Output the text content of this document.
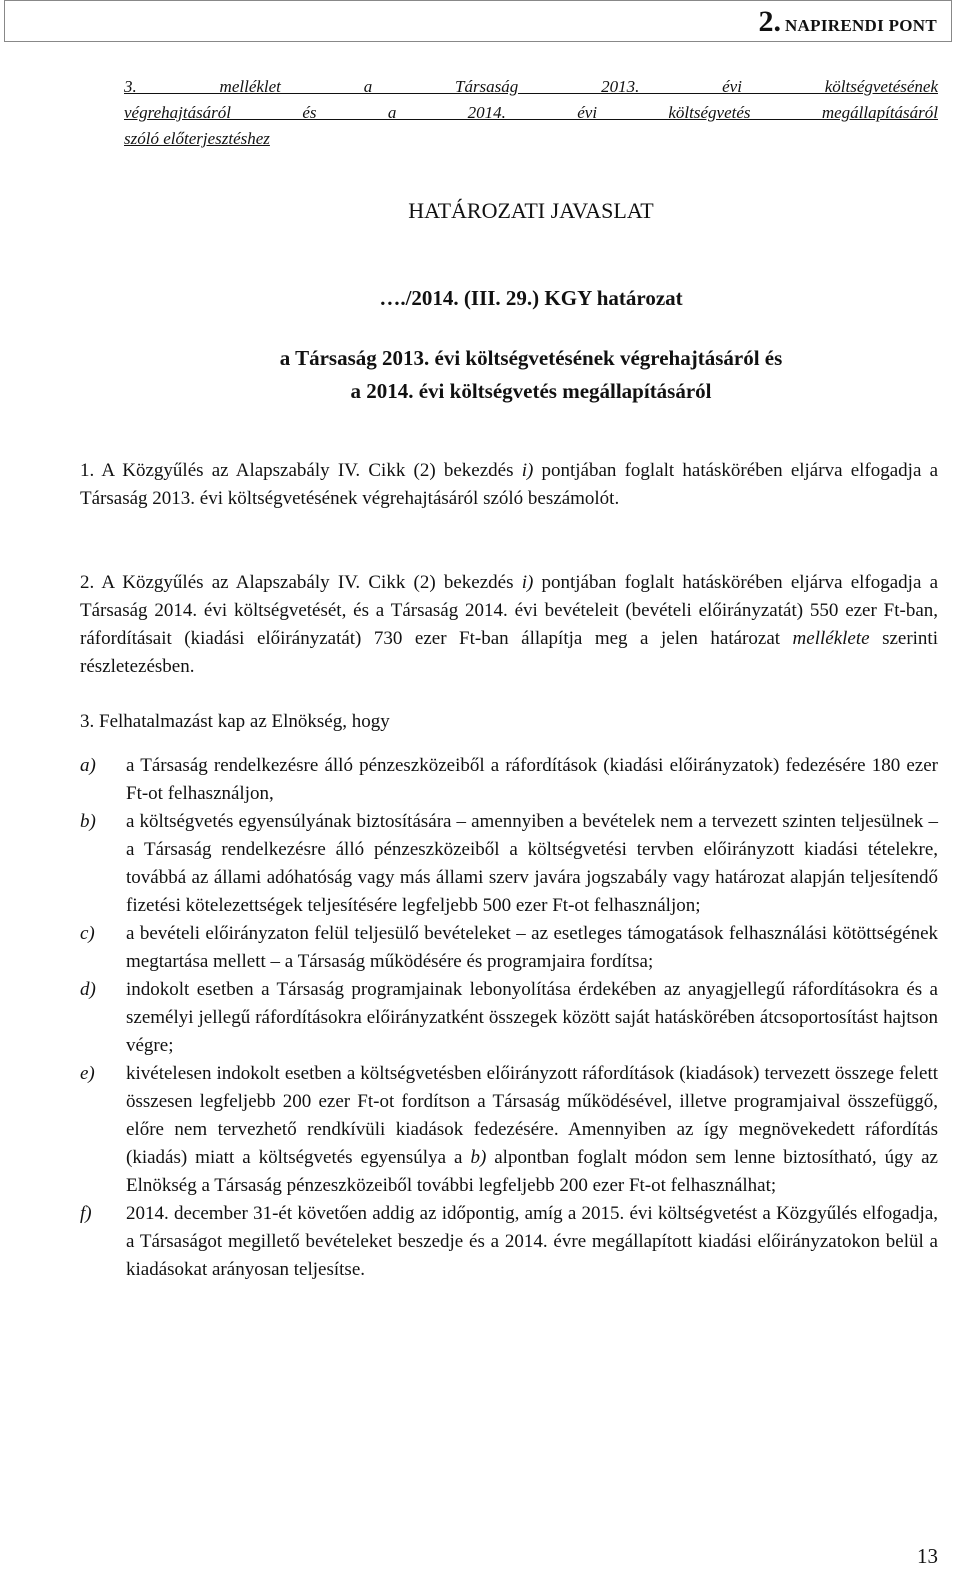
2. NAPIRENDI PONT
3. melléklet a Társaság 2013. évi költségvetésének
végrehajtásáról és a 2014. évi költségvetés megállapításáról
szóló előterjesztéshez
HATÁROZATI JAVASLAT
…./2014. (III. 29.) KGY határozat
a Társaság 2013. évi költségvetésének végrehajtásáról és
a 2014. évi költségvetés megállapításáról
1. A Közgyűlés az Alapszabály IV. Cikk (2) bekezdés i) pontjában foglalt hatáskörében eljárva elfogadja a Társaság 2013. évi költségvetésének végrehajtásáról szóló beszámolót.
2. A Közgyűlés az Alapszabály IV. Cikk (2) bekezdés i) pontjában foglalt hatáskörében eljárva elfogadja a Társaság 2014. évi költségvetését, és a Társaság 2014. évi bevételeit (bevételi előirányzatát) 550 ezer Ft-ban, ráfordításait (kiadási előirányzatát) 730 ezer Ft-ban állapítja meg a jelen határozat melléklete szerinti részletezésben.
3. Felhatalmazást kap az Elnökség, hogy
a) a Társaság rendelkezésre álló pénzeszközeiből a ráfordítások (kiadási előirányzatok) fedezésére 180 ezer Ft-ot felhasználjon,
b) a költségvetés egyensúlyának biztosítására – amennyiben a bevételek nem a tervezett szinten teljesülnek – a Társaság rendelkezésre álló pénzeszközeiből a költségvetési tervben előirányzott kiadási tételekre, továbbá az állami adóhatóság vagy más állami szerv javára jogszabály vagy határozat alapján teljesítendő fizetési kötelezettségek teljesítésére legfeljebb 500 ezer Ft-ot felhasználjon;
c) a bevételi előirányzaton felül teljesülő bevételeket – az esetleges támogatások felhasználási kötöttségének megtartása mellett – a Társaság működésére és programjaira fordítsa;
d) indokolt esetben a Társaság programjainak lebonyolítása érdekében az anyagjellegű ráfordításokra és a személyi jellegű ráfordításokra előirányzatként összegek között saját hatáskörében átcsoportosítást hajtson végre;
e) kivételesen indokolt esetben a költségvetésben előirányzott ráfordítások (kiadások) tervezett összege felett összesen legfeljebb 200 ezer Ft-ot fordítson a Társaság működésével, illetve programjaival összefüggő, előre nem tervezhető rendkívüli kiadások fedezésére. Amennyiben az így megnövekedett ráfordítás (kiadás) miatt a költségvetés egyensúlya a b) alpontban foglalt módon sem lenne biztosítható, úgy az Elnökség a Társaság pénzeszközeiből további legfeljebb 200 ezer Ft-ot felhasználhat;
f) 2014. december 31-ét követően addig az időpontig, amíg a 2015. évi költségvetést a Közgyűlés elfogadja, a Társaságot megillető bevételeket beszedje és a 2014. évre megállapított kiadási előirányzatokon belül a kiadásokat arányosan teljesítse.
13
